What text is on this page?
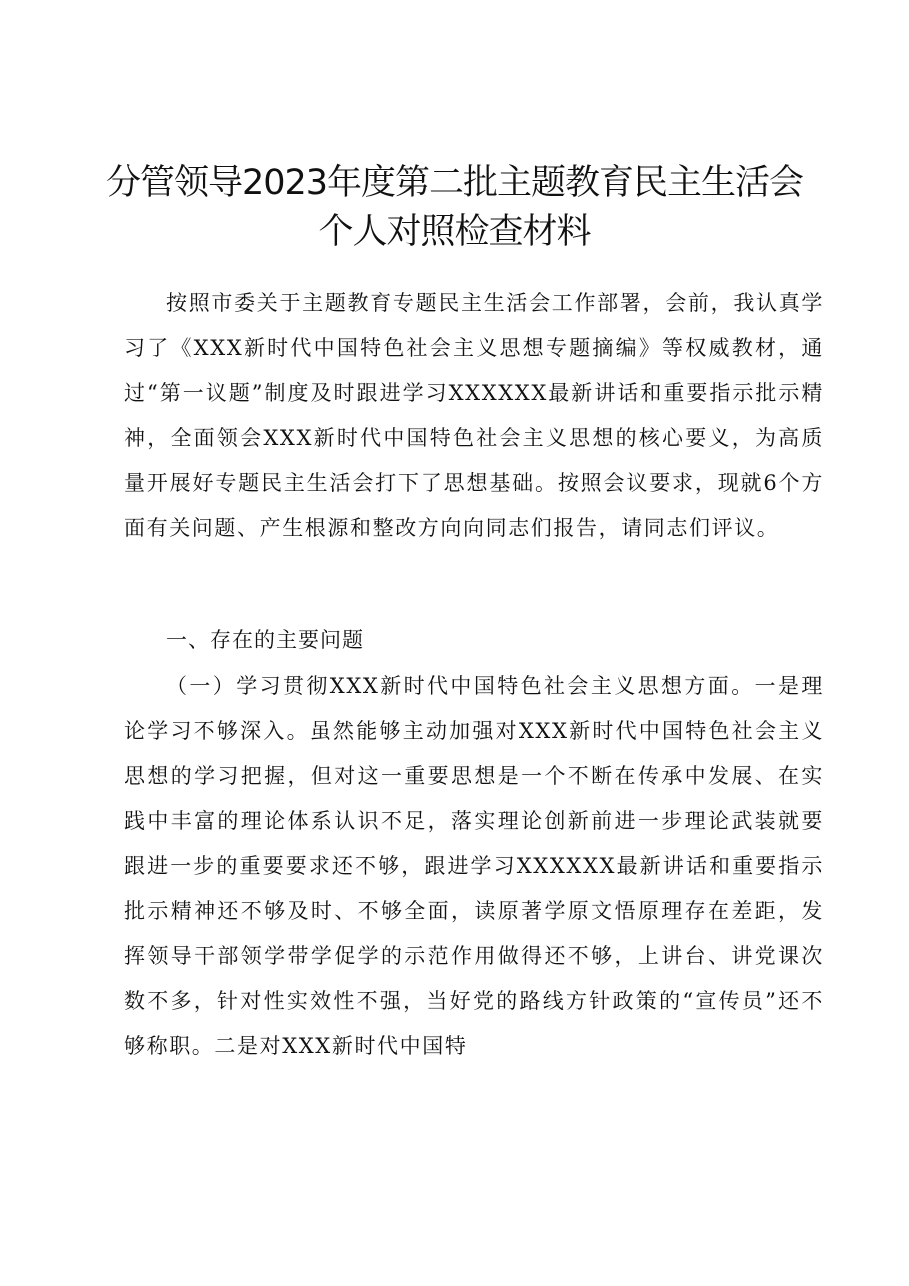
分管领导2023年度第二批主题教育民主生活会
个人对照检查材料

按照市委关于主题教育专题民主生活会工作部署，会前，我认真学习了《XXX新时代中国特色社会主义思想专题摘编》等权威教材，通过“第一议题”制度及时跟进学习XXXXXX最新讲话和重要指示批示精神，全面领会XXX新时代中国特色社会主义思想的核心要义，为高质量开展好专题民主生活会打下了思想基础。按照会议要求，现就6个方面有关问题、产生根源和整改方向向同志们报告，请同志们评议。

一、存在的主要问题

（一）学习贯彻XXX新时代中国特色社会主义思想方面。一是理论学习不够深入。虽然能够主动加强对XXX新时代中国特色社会主义思想的学习把握，但对这一重要思想是一个不断在传承中发展、在实践中丰富的理论体系认识不足，落实理论创新前进一步理论武装就要跟进一步的重要要求还不够，跟进学习XXXXXX最新讲话和重要指示批示精神还不够及时、不够全面，读原著学原文悟原理存在差距，发挥领导干部领学带学促学的示范作用做得还不够，上讲台、讲党课次数不多，针对性实效性不强，当好党的路线方针政策的“宣传员”还不够称职。二是对XXX新时代中国特
